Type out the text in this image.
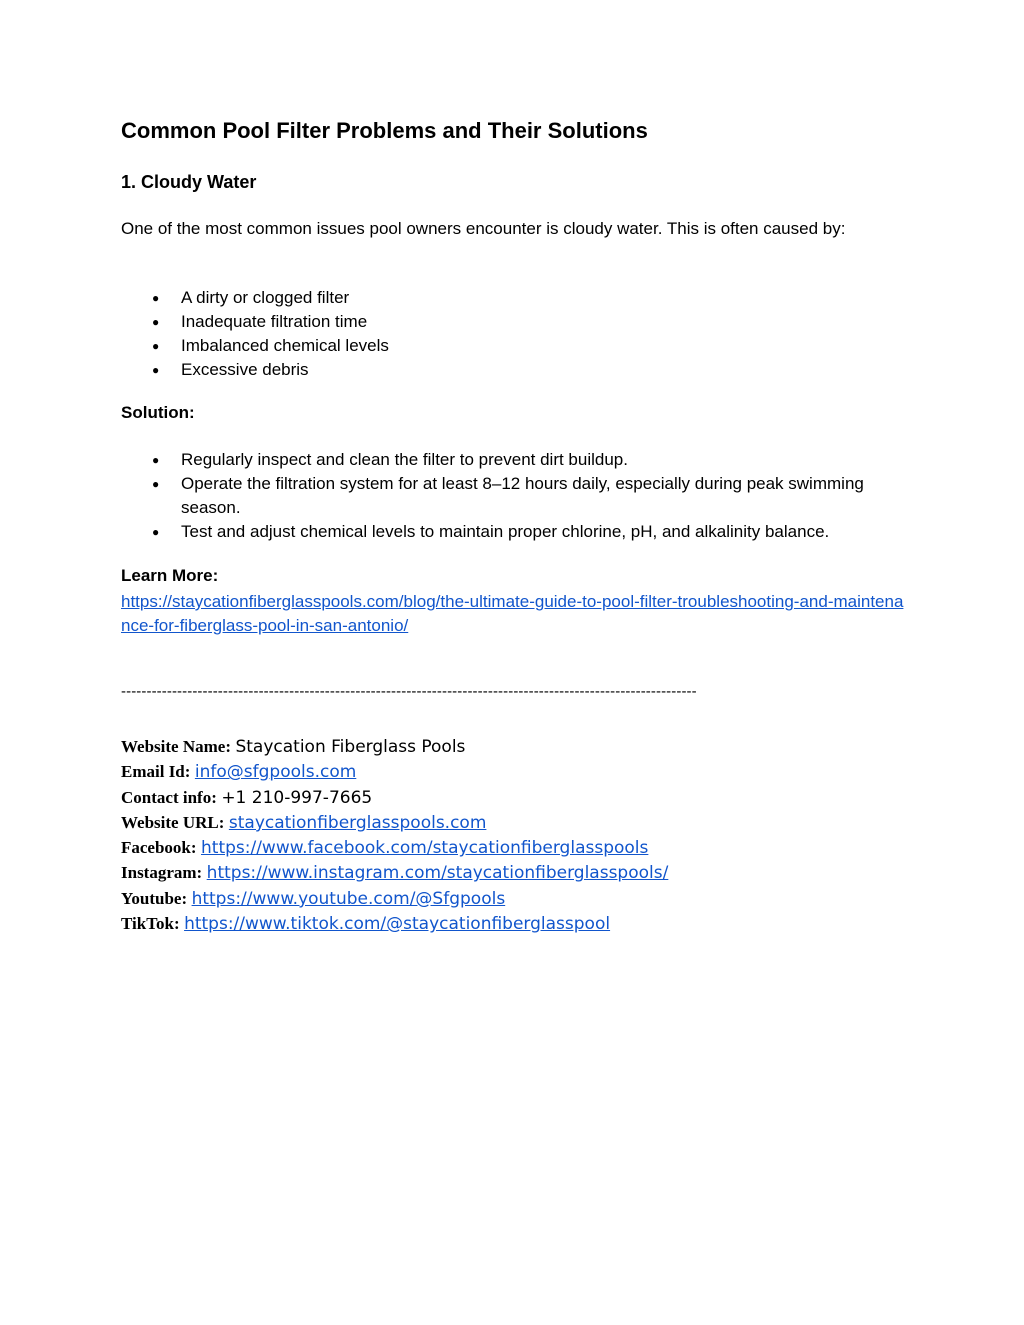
Common Pool Filter Problems and Their Solutions
1. Cloudy Water

One of the most common issues pool owners encounter is cloudy water. This is often caused by:

● A dirty or clogged filter
● Inadequate filtration time
● Imbalanced chemical levels
● Excessive debris

Solution:

● Regularly inspect and clean the filter to prevent dirt buildup.
● Operate the filtration system for at least 8–12 hours daily, especially during peak swimming season.
● Test and adjust chemical levels to maintain proper chlorine, pH, and alkalinity balance.

Learn More:

https://staycationfiberglasspools.com/blog/the-ultimate-guide-to-pool-filter-troubleshooting-and-maintenance-for-fiberglass-pool-in-san-antonio/

-----------------------------------------------------------------------------------------------------------------

Website Name: Staycation Fiberglass Pools
Email Id: info@sfgpools.com
Contact info: +1 210-997-7665
Website URL: staycationfiberglasspools.com
Facebook: https://www.facebook.com/staycationfiberglasspools
Instagram: https://www.instagram.com/staycationfiberglasspools/
Youtube: https://www.youtube.com/@Sfgpools
TikTok: https://www.tiktok.com/@staycationfiberglasspool
